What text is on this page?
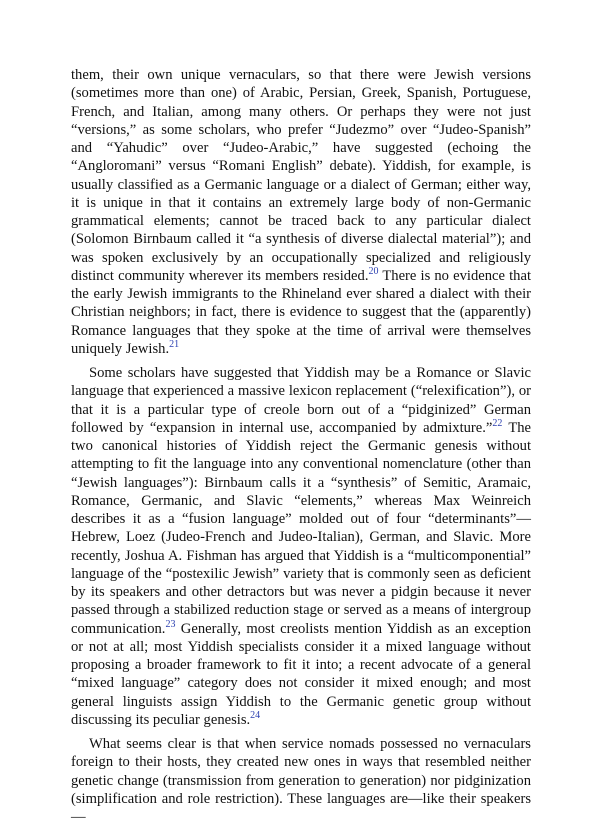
them, their own unique vernaculars, so that there were Jewish versions (sometimes more than one) of Arabic, Persian, Greek, Spanish, Portuguese, French, and Italian, among many others. Or perhaps they were not just “versions,” as some scholars, who prefer “Judezmo” over “Judeo-Spanish” and “Yahudic” over “Judeo-Arabic,” have suggested (echoing the “Angloromani” versus “Romani English” debate). Yiddish, for example, is usually classified as a Germanic language or a dialect of German; either way, it is unique in that it contains an extremely large body of non-Germanic grammatical elements; cannot be traced back to any particular dialect (Solomon Birnbaum called it “a synthesis of diverse dialectal material”); and was spoken exclusively by an occupationally specialized and religiously distinct community wherever its members resided.$^{20}$ There is no evidence that the early Jewish immigrants to the Rhineland ever shared a dialect with their Christian neighbors; in fact, there is evidence to suggest that the (apparently) Romance languages that they spoke at the time of arrival were themselves uniquely Jewish.$^{21}$

Some scholars have suggested that Yiddish may be a Romance or Slavic language that experienced a massive lexicon replacement (“relexification”), or that it is a particular type of creole born out of a “pidginized” German followed by “expansion in internal use, accompanied by admixture.”$^{22}$ The two canonical histories of Yiddish reject the Germanic genesis without attempting to fit the language into any conventional nomenclature (other than “Jewish languages”): Birnbaum calls it a “synthesis” of Semitic, Aramaic, Romance, Germanic, and Slavic “elements,” whereas Max Weinreich describes it as a “fusion language” molded out of four “determinants”—Hebrew, Loez (Judeo-French and Judeo-Italian), German, and Slavic. More recently, Joshua A. Fishman has argued that Yiddish is a “multicomponential” language of the “postexilic Jewish” variety that is commonly seen as deficient by its speakers and other detractors but was never a pidgin because it never passed through a stabilized reduction stage or served as a means of intergroup communication.$^{23}$ Generally, most creolists mention Yiddish as an exception or not at all; most Yiddish specialists consider it a mixed language without proposing a broader framework to fit it into; a recent advocate of a general “mixed language” category does not consider it mixed enough; and most general linguists assign Yiddish to the Germanic genetic group without discussing its peculiar genesis.$^{24}$

What seems clear is that when service nomads possessed no vernaculars foreign to their hosts, they created new ones in ways that resembled neither genetic change (transmission from generation to generation) nor pidginization (simplification and role restriction). These languages are—like their speakers—
